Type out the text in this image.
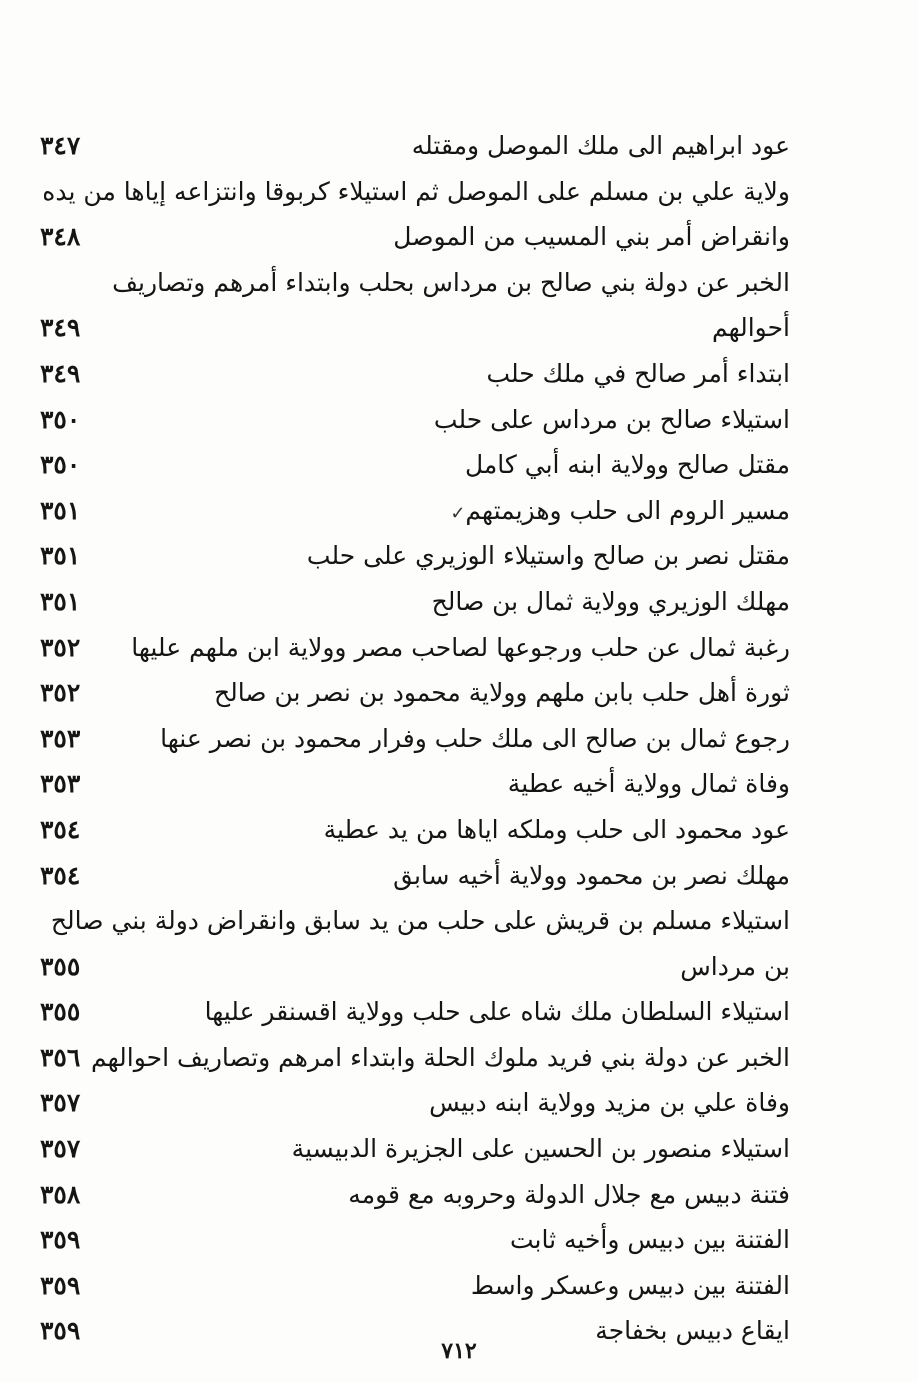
عود ابراهيم الى ملك الموصل ومقتله
٣٤٧
ولاية علي بن مسلم على الموصل ثم استيلاء كربوقا وانتزاعه إياها من يده
وانقراض أمر بني المسيب من الموصل
٣٤٨
الخبر عن دولة بني صالح بن مرداس بحلب وابتداء أمرهم وتصاريف
أحوالهم
٣٤٩
ابتداء أمر صالح في ملك حلب
٣٤٩
استيلاء صالح بن مرداس على حلب
٣٥٠
مقتل صالح وولاية ابنه أبي كامل
٣٥٠
مسير الروم الى حلب وهزيمتهم✓
٣٥١
مقتل نصر بن صالح واستيلاء الوزيري على حلب
٣٥١
مهلك الوزيري وولاية ثمال بن صالح
٣٥١
رغبة ثمال عن حلب ورجوعها لصاحب مصر وولاية ابن ملهم عليها
٣٥٢
ثورة أهل حلب بابن ملهم وولاية محمود بن نصر بن صالح
٣٥٢
رجوع ثمال بن صالح الى ملك حلب وفرار محمود بن نصر عنها
٣٥٣
وفاة ثمال وولاية أخيه عطية
٣٥٣
عود محمود الى حلب وملكه اياها من يد عطية
٣٥٤
مهلك نصر بن محمود وولاية أخيه سابق
٣٥٤
استيلاء مسلم بن قريش على حلب من يد سابق وانقراض دولة بني صالح
بن مرداس
٣٥٥
استيلاء السلطان ملك شاه على حلب وولاية اقسنقر عليها
٣٥٥
الخبر عن دولة بني فريد ملوك الحلة وابتداء امرهم وتصاريف احوالهم
٣٥٦
وفاة علي بن مزيد وولاية ابنه دبيس
٣٥٧
استيلاء منصور بن الحسين على الجزيرة الدبيسية
٣٥٧
فتنة دبيس مع جلال الدولة وحروبه مع قومه
٣٥٨
الفتنة بين دبيس وأخيه ثابت
٣٥٩
الفتنة بين دبيس وعسكر واسط
٣٥٩
ايقاع دبيس بخفاجة
٣٥٩
٧١٢
